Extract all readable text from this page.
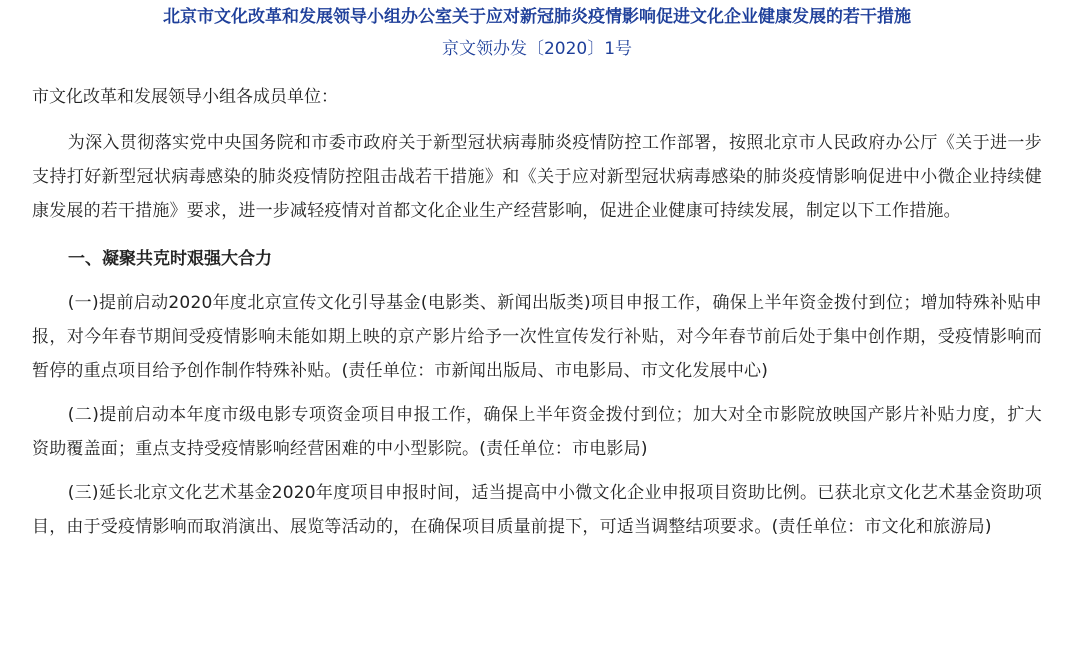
北京市文化改革和发展领导小组办公室关于应对新冠肺炎疫情影响促进文化企业健康发展的若干措施
京文领办发〔2020〕1号
市文化改革和发展领导小组各成员单位：

为深入贯彻落实党中央国务院和市委市政府关于新型冠状病毒肺炎疫情防控工作部署，按照北京市人民政府办公厅《关于进一步支持打好新型冠状病毒感染的肺炎疫情防控阻击战若干措施》和《关于应对新型冠状病毒感染的肺炎疫情影响促进中小微企业持续健康发展的若干措施》要求，进一步减轻疫情对首都文化企业生产经营影响，促进企业健康可持续发展，制定以下工作措施。

一、凝聚共克时艰强大合力

(一)提前启动2020年度北京宣传文化引导基金(电影类、新闻出版类)项目申报工作，确保上半年资金拨付到位；增加特殊补贴申报，对今年春节期间受疫情影响未能如期上映的京产影片给予一次性宣传发行补贴，对今年春节前后处于集中创作期，受疫情影响而暂停的重点项目给予创作制作特殊补贴。(责任单位：市新闻出版局、市电影局、市文化发展中心)

(二)提前启动本年度市级电影专项资金项目申报工作，确保上半年资金拨付到位；加大对全市影院放映国产影片补贴力度，扩大资助覆盖面；重点支持受疫情影响经营困难的中小型影院。(责任单位：市电影局)

(三)延长北京文化艺术基金2020年度项目申报时间，适当提高中小微文化企业申报项目资助比例。已获北京文化艺术基金资助项目，由于受疫情影响而取消演出、展览等活动的，在确保项目质量前提下，可适当调整结项要求。(责任单位：市文化和旅游局)
